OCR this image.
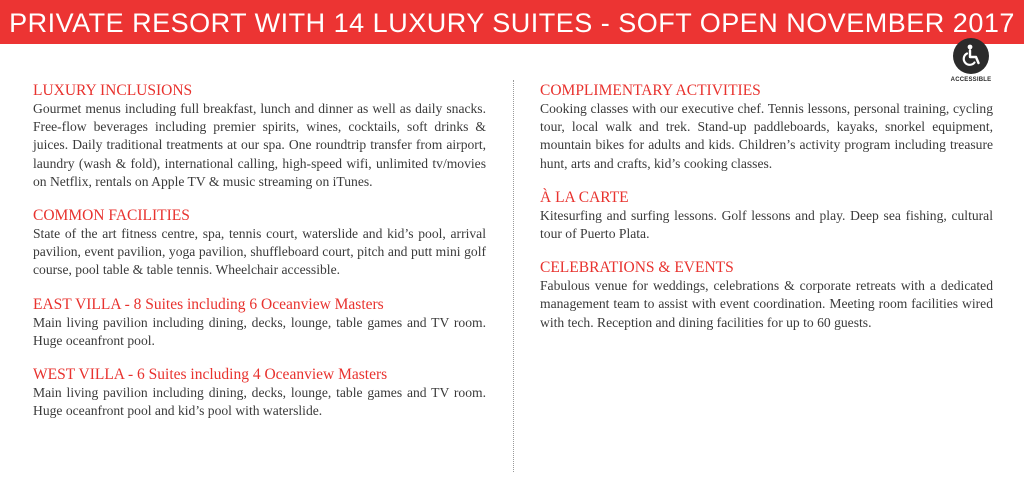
PRIVATE RESORT WITH 14 LUXURY SUITES - SOFT OPEN NOVEMBER 2017
ACCESSIBLE
LUXURY INCLUSIONS

Gourmet menus including full breakfast, lunch and dinner as well as daily snacks. Free-flow beverages including premier spirits, wines, cocktails, soft drinks & juices. Daily traditional treatments at our spa. One roundtrip transfer from airport, laundry (wash & fold), international calling, high-speed wifi, unlimited tv/movies on Netflix, rentals on Apple TV & music streaming on iTunes.

COMMON FACILITIES

State of the art fitness centre, spa, tennis court, waterslide and kid’s pool, arrival pavilion, event pavilion, yoga pavilion, shuffleboard court, pitch and putt mini golf course, pool table & table tennis. Wheelchair accessible.

EAST VILLA - 8 Suites including 6 Oceanview Masters

Main living pavilion including dining, decks, lounge, table games and TV room. Huge oceanfront pool.

WEST VILLA - 6 Suites including 4 Oceanview Masters

Main living pavilion including dining, decks, lounge, table games and TV room. Huge oceanfront pool and kid’s pool with waterslide.

COMPLIMENTARY ACTIVITIES

Cooking classes with our executive chef. Tennis lessons, personal training, cycling tour, local walk and trek. Stand-up paddleboards, kayaks, snorkel equipment, mountain bikes for adults and kids. Children’s activity program including treasure hunt, arts and crafts, kid’s cooking classes.

À LA CARTE

Kitesurfing and surfing lessons. Golf lessons and play. Deep sea fishing, cultural tour of Puerto Plata.

CELEBRATIONS & EVENTS

Fabulous venue for weddings, celebrations & corporate retreats with a dedicated management team to assist with event coordination. Meeting room facilities wired with tech. Reception and dining facilities for up to 60 guests.
